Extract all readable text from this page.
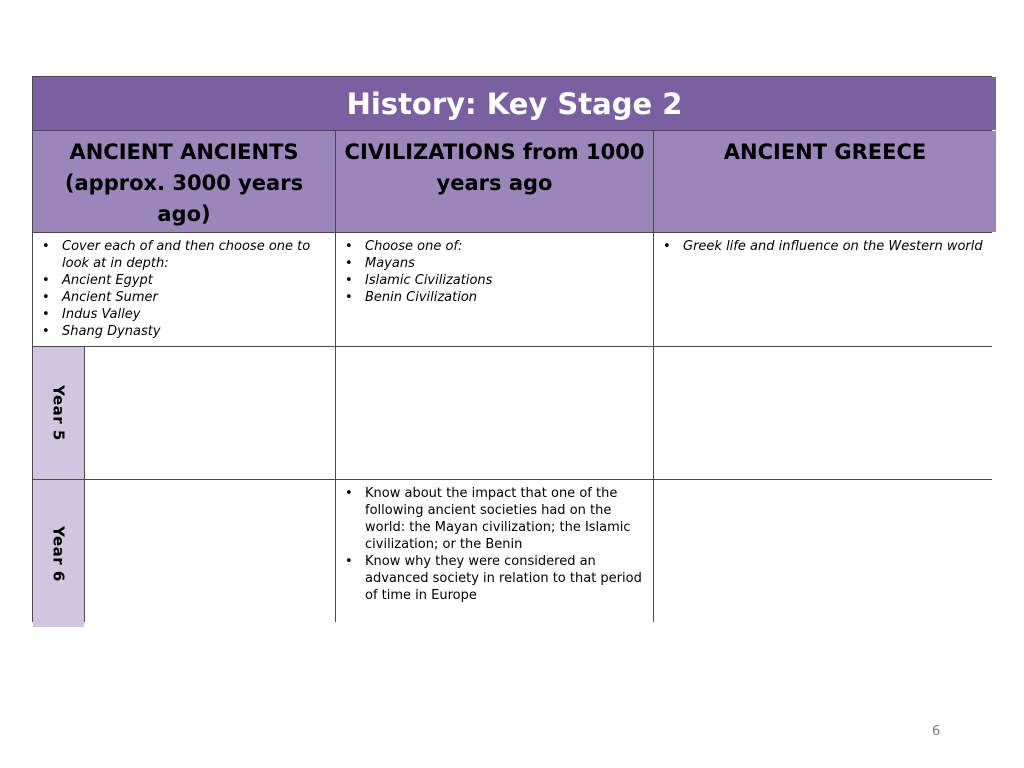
History: Key Stage 2
ANCIENT ANCIENTS (approx. 3000 years ago)
CIVILIZATIONS from 1000 years ago
ANCIENT GREECE
• Cover each of and then choose one to look at in depth:
• Ancient Egypt
• Ancient Sumer
• Indus Valley
• Shang Dynasty
• Choose one of:
• Mayans
• Islamic Civilizations
• Benin Civilization
• Greek life and influence on the Western world
Year 5
Year 6
• Know about the impact that one of the following ancient societies had on the world: the Mayan civilization; the Islamic civilization; or the Benin
• Know why they were considered an advanced society in relation to that period of time in Europe
6
